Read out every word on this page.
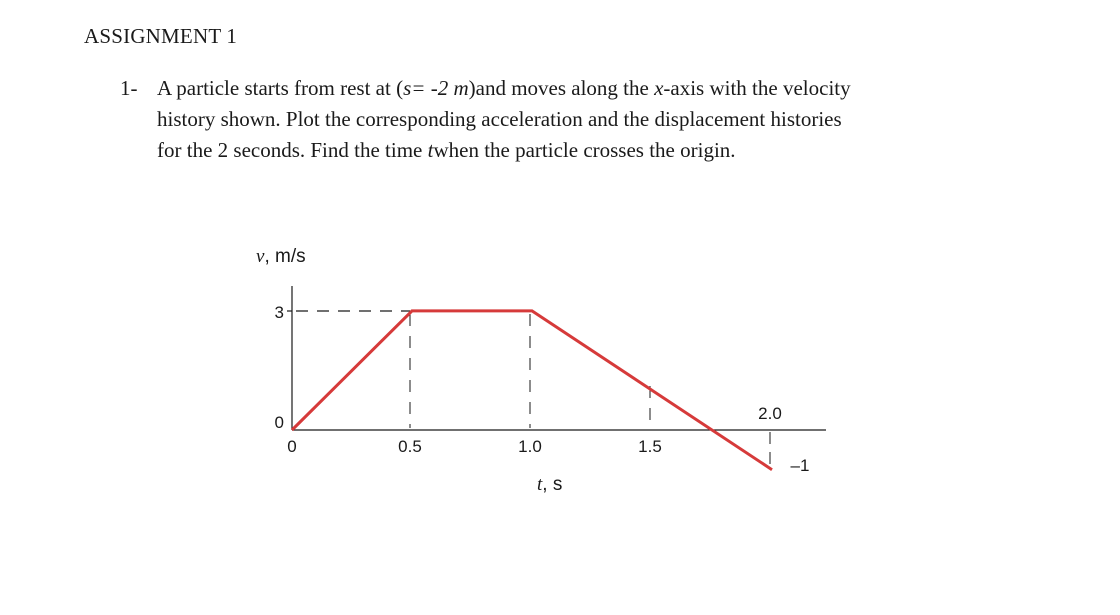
ASSIGNMENT 1
1- A particle starts from rest at (s= -2 m)and moves along the x-axis with the velocity
history shown. Plot the corresponding acceleration and the displacement histories
for the 2 seconds. Find the time twhen the particle crosses the origin.
v, m/s
t, s
3
0
0	0.5	1.0	1.5
2.0
–1
